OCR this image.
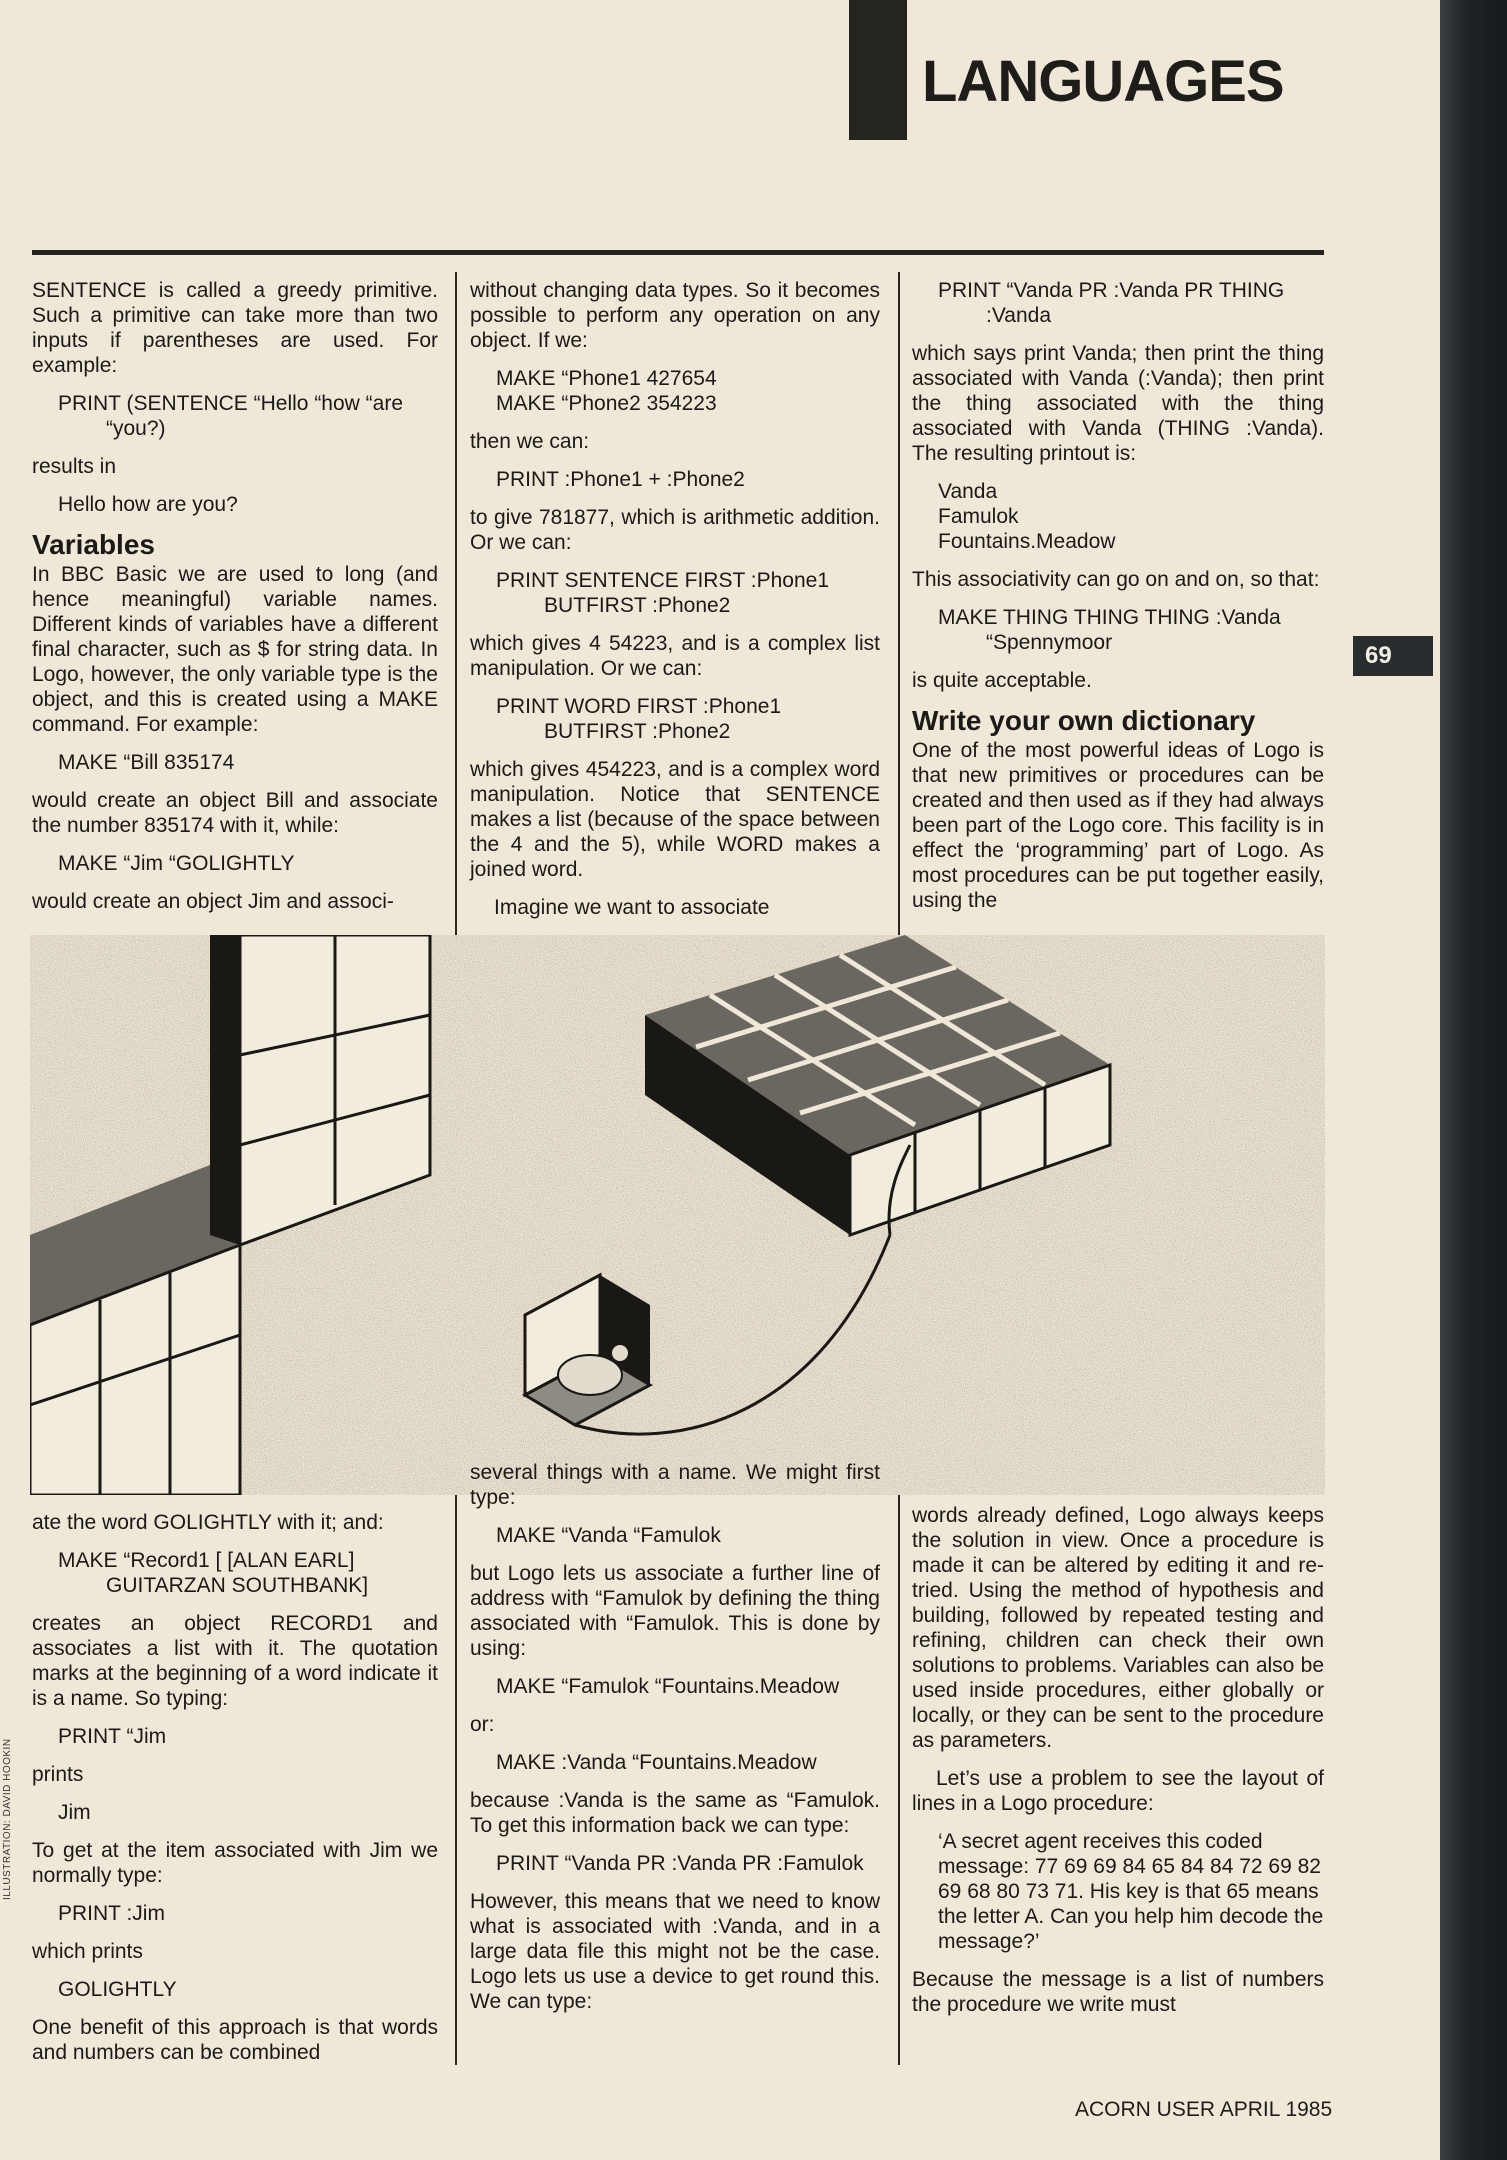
LANGUAGES
69

SENTENCE is called a greedy primitive. Such a primitive can take more than two inputs if parentheses are used. For example:

PRINT (SENTENCE “Hello “how “are “you?)

results in

Hello how are you?
Variables

In BBC Basic we are used to long (and hence meaningful) variable names. Different kinds of variables have a different final character, such as $ for string data. In Logo, however, the only variable type is the object, and this is created using a MAKE command. For example:

MAKE “Bill 835174

would create an object Bill and associate the number 835174 with it, while:

MAKE “Jim “GOLIGHTLY

would create an object Jim and associ-

without changing data types. So it becomes possible to perform any operation on any object. If we:

MAKE “Phone1 427654
MAKE “Phone2 354223

then we can:

PRINT :Phone1 + :Phone2

to give 781877, which is arithmetic addition. Or we can:

PRINT SENTENCE FIRST :Phone1 BUTFIRST :Phone2

which gives 4 54223, and is a complex list manipulation. Or we can:

PRINT WORD FIRST :Phone1 BUTFIRST :Phone2

which gives 454223, and is a complex word manipulation. Notice that SENTENCE makes a list (because of the space between the 4 and the 5), while WORD makes a joined word.

Imagine we want to associate

PRINT “Vanda PR :Vanda PR THING :Vanda

which says print Vanda; then print the thing associated with Vanda (:Vanda); then print the thing associated with the thing associated with Vanda (THING :Vanda). The resulting printout is:

Vanda
Famulok
Fountains.Meadow

This associativity can go on and on, so that:

MAKE THING THING THING :Vanda “Spennymoor

is quite acceptable.

Write your own dictionary

One of the most powerful ideas of Logo is that new primitives or procedures can be created and then used as if they had always been part of the Logo core. This facility is in effect the ‘programming’ part of Logo. As most procedures can be put together easily, using the

ate the word GOLIGHTLY with it; and:

MAKE “Record1 [ [ALAN EARL] GUITARZAN SOUTHBANK]

creates an object RECORD1 and associates a list with it. The quotation marks at the beginning of a word indicate it is a name. So typing:

PRINT “Jim

prints

Jim

To get at the item associated with Jim we normally type:

PRINT :Jim

which prints

GOLIGHTLY

One benefit of this approach is that words and numbers can be combined

several things with a name. We might first type:

MAKE “Vanda “Famulok

but Logo lets us associate a further line of address with “Famulok by defining the thing associated with “Famulok. This is done by using:

MAKE “Famulok “Fountains.Meadow

or:

MAKE :Vanda “Fountains.Meadow

because :Vanda is the same as “Famulok. To get this information back we can type:

PRINT “Vanda PR :Vanda PR :Famulok

However, this means that we need to know what is associated with :Vanda, and in a large data file this might not be the case. Logo lets us use a device to get round this. We can type:

words already defined, Logo always keeps the solution in view. Once a procedure is made it can be altered by editing it and re-tried. Using the method of hypothesis and building, followed by repeated testing and refining, children can check their own solutions to problems. Variables can also be used inside procedures, either globally or locally, or they can be sent to the procedure as parameters.

Let’s use a problem to see the layout of lines in a Logo procedure:

‘A secret agent receives this coded message: 77 69 69 84 65 84 84 72 69 82 69 68 80 73 71. His key is that 65 means the letter A. Can you help him decode the message?’

Because the message is a list of numbers the procedure we write must

ILLUSTRATION: DAVID HOOKIN
ACORN USER APRIL 1985
